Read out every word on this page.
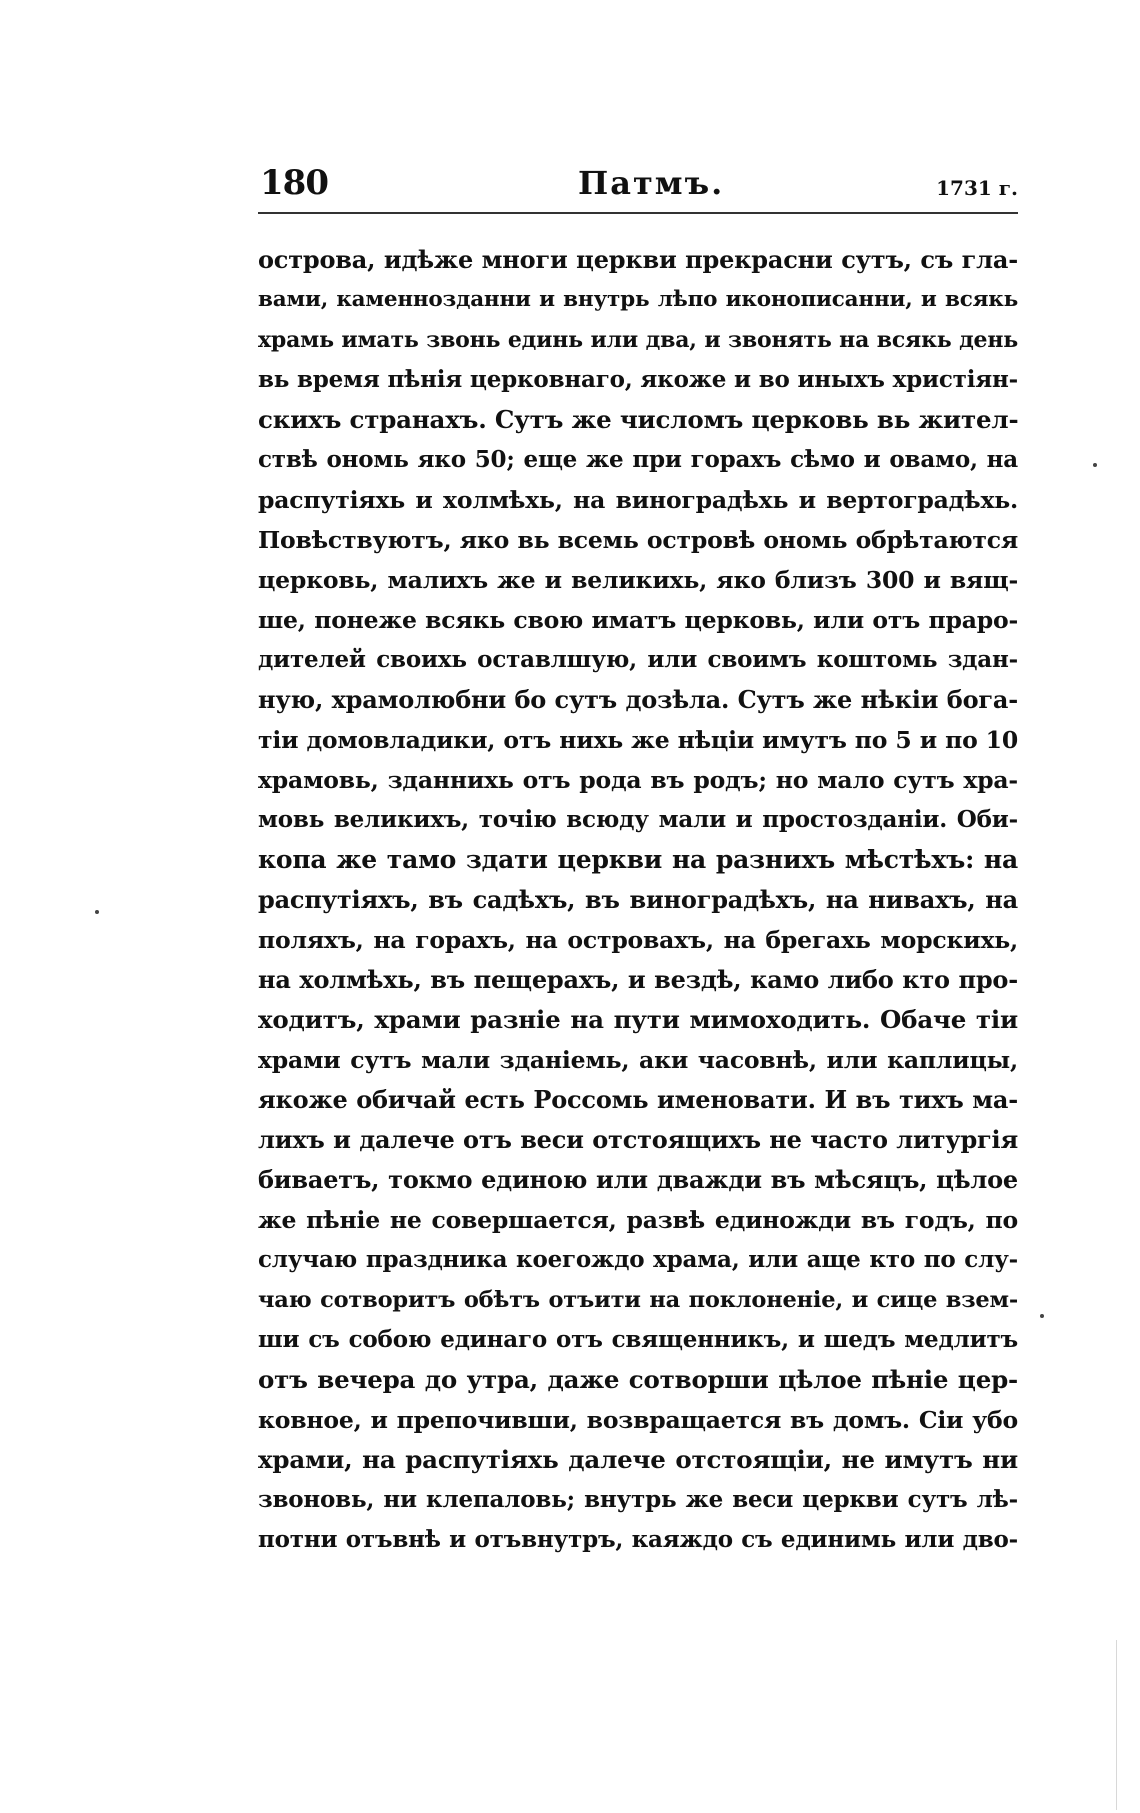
180	Патмъ.	1731 г.
острова, идѣже многи церкви прекрасни сутъ, съ гла-
вами, каменнозданни и внутрь лѣпо иконописанни, и всякь
храмь имать звонь единь или два, и звонять на всякь день
вь время пѣнія церковнаго, якоже и во иныхъ христіян-
скихъ странахъ. Сутъ же числомъ церковь вь жител-
ствѣ ономь яко 50; еще же при горахъ сѣмо и овамо, на
распутіяхь и холмѣхь, на виноградѣхь и вертоградѣхь.
Повѣствуютъ, яко вь всемь островѣ ономь обрѣтаются
церковь, малихъ же и великихь, яко близъ 300 и вящ-
ше, понеже всякь свою иматъ церковь, или отъ праро-
дителей своихь оставлшую, или своимъ коштомь здан-
ную, храмолюбни бо сутъ дозѣла. Сутъ же нѣкіи бога-
тіи домовладики, отъ нихь же нѣціи имутъ по 5 и по 10
храмовь, зданнихь отъ рода въ родъ; но мало сутъ хра-
мовь великихъ, точію всюду мали и простозданіи. Оби-
копа же тамо здати церкви на разнихъ мѣстѣхъ: на
распутіяхъ, въ садѣхъ, въ виноградѣхъ, на нивахъ, на
поляхъ, на горахъ, на островахъ, на брегахь морскихь,
на холмѣхь, въ пещерахъ, и вездѣ, камо либо кто про-
ходитъ, храми разніе на пути мимоходить. Обаче тіи
храми сутъ мали зданіемь, аки часовнѣ, или каплицы,
якоже обичай есть Россомь именовати. И въ тихъ ма-
лихъ и далече отъ веси отстоящихъ не часто литургія
биваетъ, токмо единою или дважди въ мѣсяцъ, цѣлое
же пѣніе не совершается, развѣ единожди въ годъ, по
случаю праздника коегождо храма, или аще кто по слу-
чаю сотворитъ обѣтъ отъити на поклоненіе, и сице взем-
ши съ собою единаго отъ священникъ, и шедъ медлитъ
отъ вечера до утра, даже сотворши цѣлое пѣніе цер-
ковное, и препочивши, возвращается въ домъ. Сіи убо
храми, на распутіяхь далече отстоящіи, не имутъ ни
звоновь, ни клепаловь; внутрь же веси церкви сутъ лѣ-
потни отъвнѣ и отъвнутръ, каяждо съ единимь или дво-
